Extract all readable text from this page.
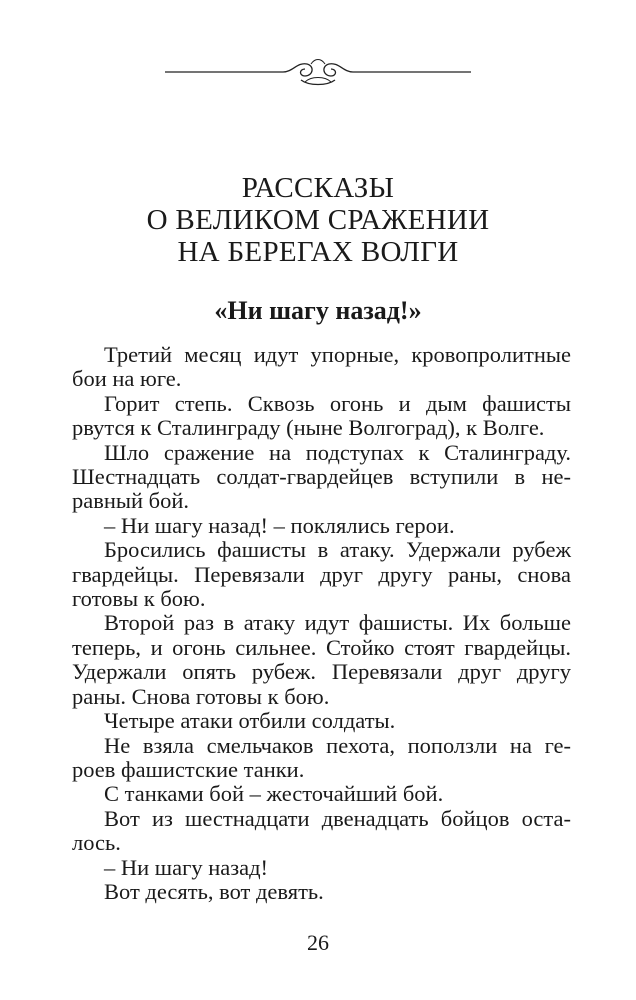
РАССКАЗЫ
О ВЕЛИКОМ СРАЖЕНИИ
НА БЕРЕГАХ ВОЛГИ
«Ни шагу назад!»
Третий месяц идут упорные, кровопролитные
бои на юге.
Горит степь. Сквозь огонь и дым фашисты
рвутся к Сталинграду (ныне Волгоград), к Волге.
Шло сражение на подступах к Сталинграду.
Шестнадцать солдат-гвардейцев вступили в не-
равный бой.
– Ни шагу назад! – поклялись герои.
Бросились фашисты в атаку. Удержали рубеж
гвардейцы. Перевязали друг другу раны, снова
готовы к бою.
Второй раз в атаку идут фашисты. Их больше
теперь, и огонь сильнее. Стойко стоят гвардейцы.
Удержали опять рубеж. Перевязали друг другу
раны. Снова готовы к бою.
Четыре атаки отбили солдаты.
Не взяла смельчаков пехота, поползли на ге-
роев фашистские танки.
С танками бой – жесточайший бой.
Вот из шестнадцати двенадцать бойцов оста-
лось.
– Ни шагу назад!
Вот десять, вот девять.
26
